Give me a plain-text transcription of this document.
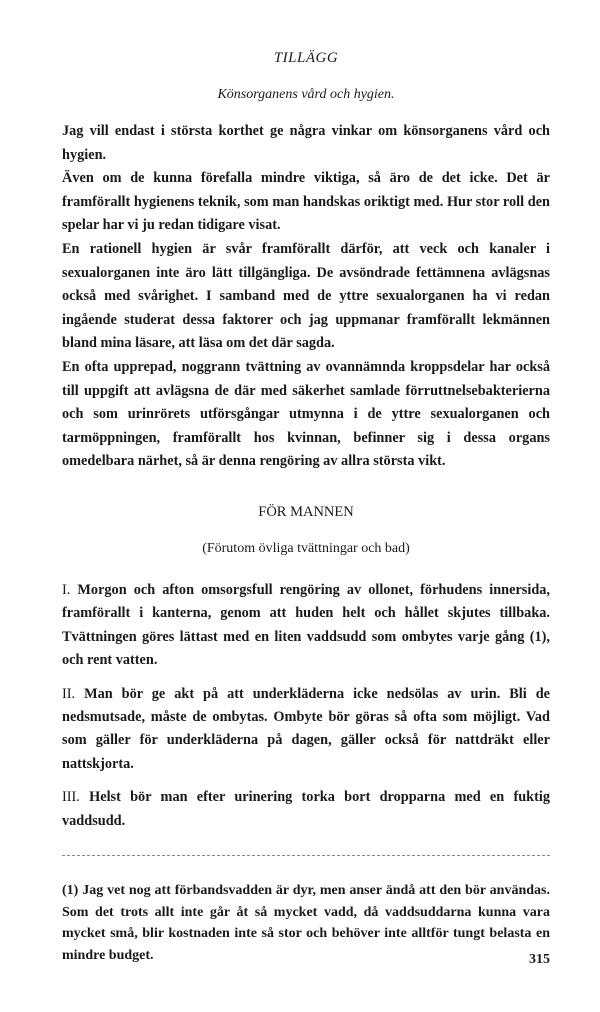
TILLÄGG
Könsorganens vård och hygien.

Jag vill endast i största korthet ge några vinkar om könsorganens vård och hygien.

Även om de kunna förefalla mindre viktiga, så äro de det icke. Det är framförallt hygienens teknik, som man handskas oriktigt med. Hur stor roll den spelar har vi ju redan tidigare visat.

En rationell hygien är svår framförallt därför, att veck och kanaler i sexualorganen inte äro lätt tillgängliga. De avsöndrade fettämnena avlägsnas också med svårighet. I samband med de yttre sexualorganen ha vi redan ingående studerat dessa faktorer och jag uppmanar framförallt lekmännen bland mina läsare, att läsa om det där sagda.

En ofta upprepad, noggrann tvättning av ovannämnda kroppsdelar har också till uppgift att avlägsna de där med säkerhet samlade förruttnelsebakterierna och som urinrörets utförsgångar utmynna i de yttre sexualorganen och tarmöppningen, framförallt hos kvinnan, befinner sig i dessa organs omedelbara närhet, så är denna rengöring av allra största vikt.

FÖR MANNEN
(Förutom övliga tvättningar och bad)

I. Morgon och afton omsorgsfull rengöring av ollonet, förhudens innersida, framförallt i kanterna, genom att huden helt och hållet skjutes tillbaka. Tvättningen göres lättast med en liten vaddsudd som ombytes varje gång (1), och rent vatten.

II. Man bör ge akt på att underkläderna icke nedsölas av urin. Bli de nedsmutsade, måste de ombytas. Ombyte bör göras så ofta som möjligt. Vad som gäller för underkläderna på dagen, gäller också för nattdräkt eller nattskjorta.

III. Helst bör man efter urinering torka bort dropparna med en fuktig vaddsudd.

(1) Jag vet nog att förbandsvadden är dyr, men anser ändå att den bör användas. Som det trots allt inte går åt så mycket vadd, då vaddsuddarna kunna vara mycket små, blir kostnaden inte så stor och behöver inte alltför tungt belasta en mindre budget.	315
